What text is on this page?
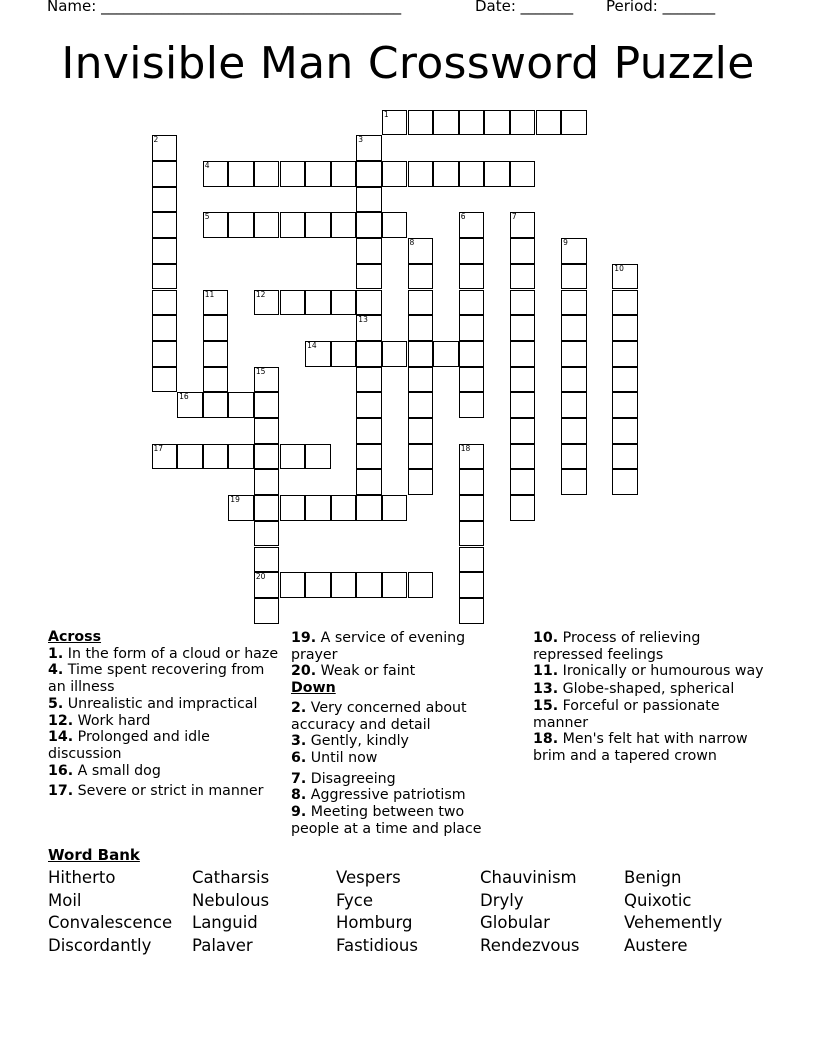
Name: ________________________________________	Date: _______ Period: _______
Invisible Man Crossword Puzzle
1
2	3
13
4
5	6	7
8	9
10
11	12
14
15
20
16
17	18
19
Across
1. In the form of a cloud or haze
4. Time spent recovering from an illness
5. Unrealistic and impractical
12. Work hard
14. Prolonged and idle discussion
16. A small dog
17. Severe or strict in manner
19. A service of evening prayer
20. Weak or faint
Down
2. Very concerned about accuracy and detail
3. Gently, kindly
6. Until now
7. Disagreeing
8. Aggressive patriotism
9. Meeting between two people at a time and place
10. Process of relieving repressed feelings
11. Ironically or humourous way
13. Globe-shaped, spherical
15. Forceful or passionate manner
18. Men's felt hat with narrow brim and a tapered crown
Word Bank
Hitherto
Moil
Convalescence
Discordantly
Catharsis
Nebulous
Languid
Palaver
Vespers
Fyce
Homburg
Fastidious
Chauvinism
Dryly
Globular
Rendezvous
Benign
Quixotic
Vehemently
Austere
